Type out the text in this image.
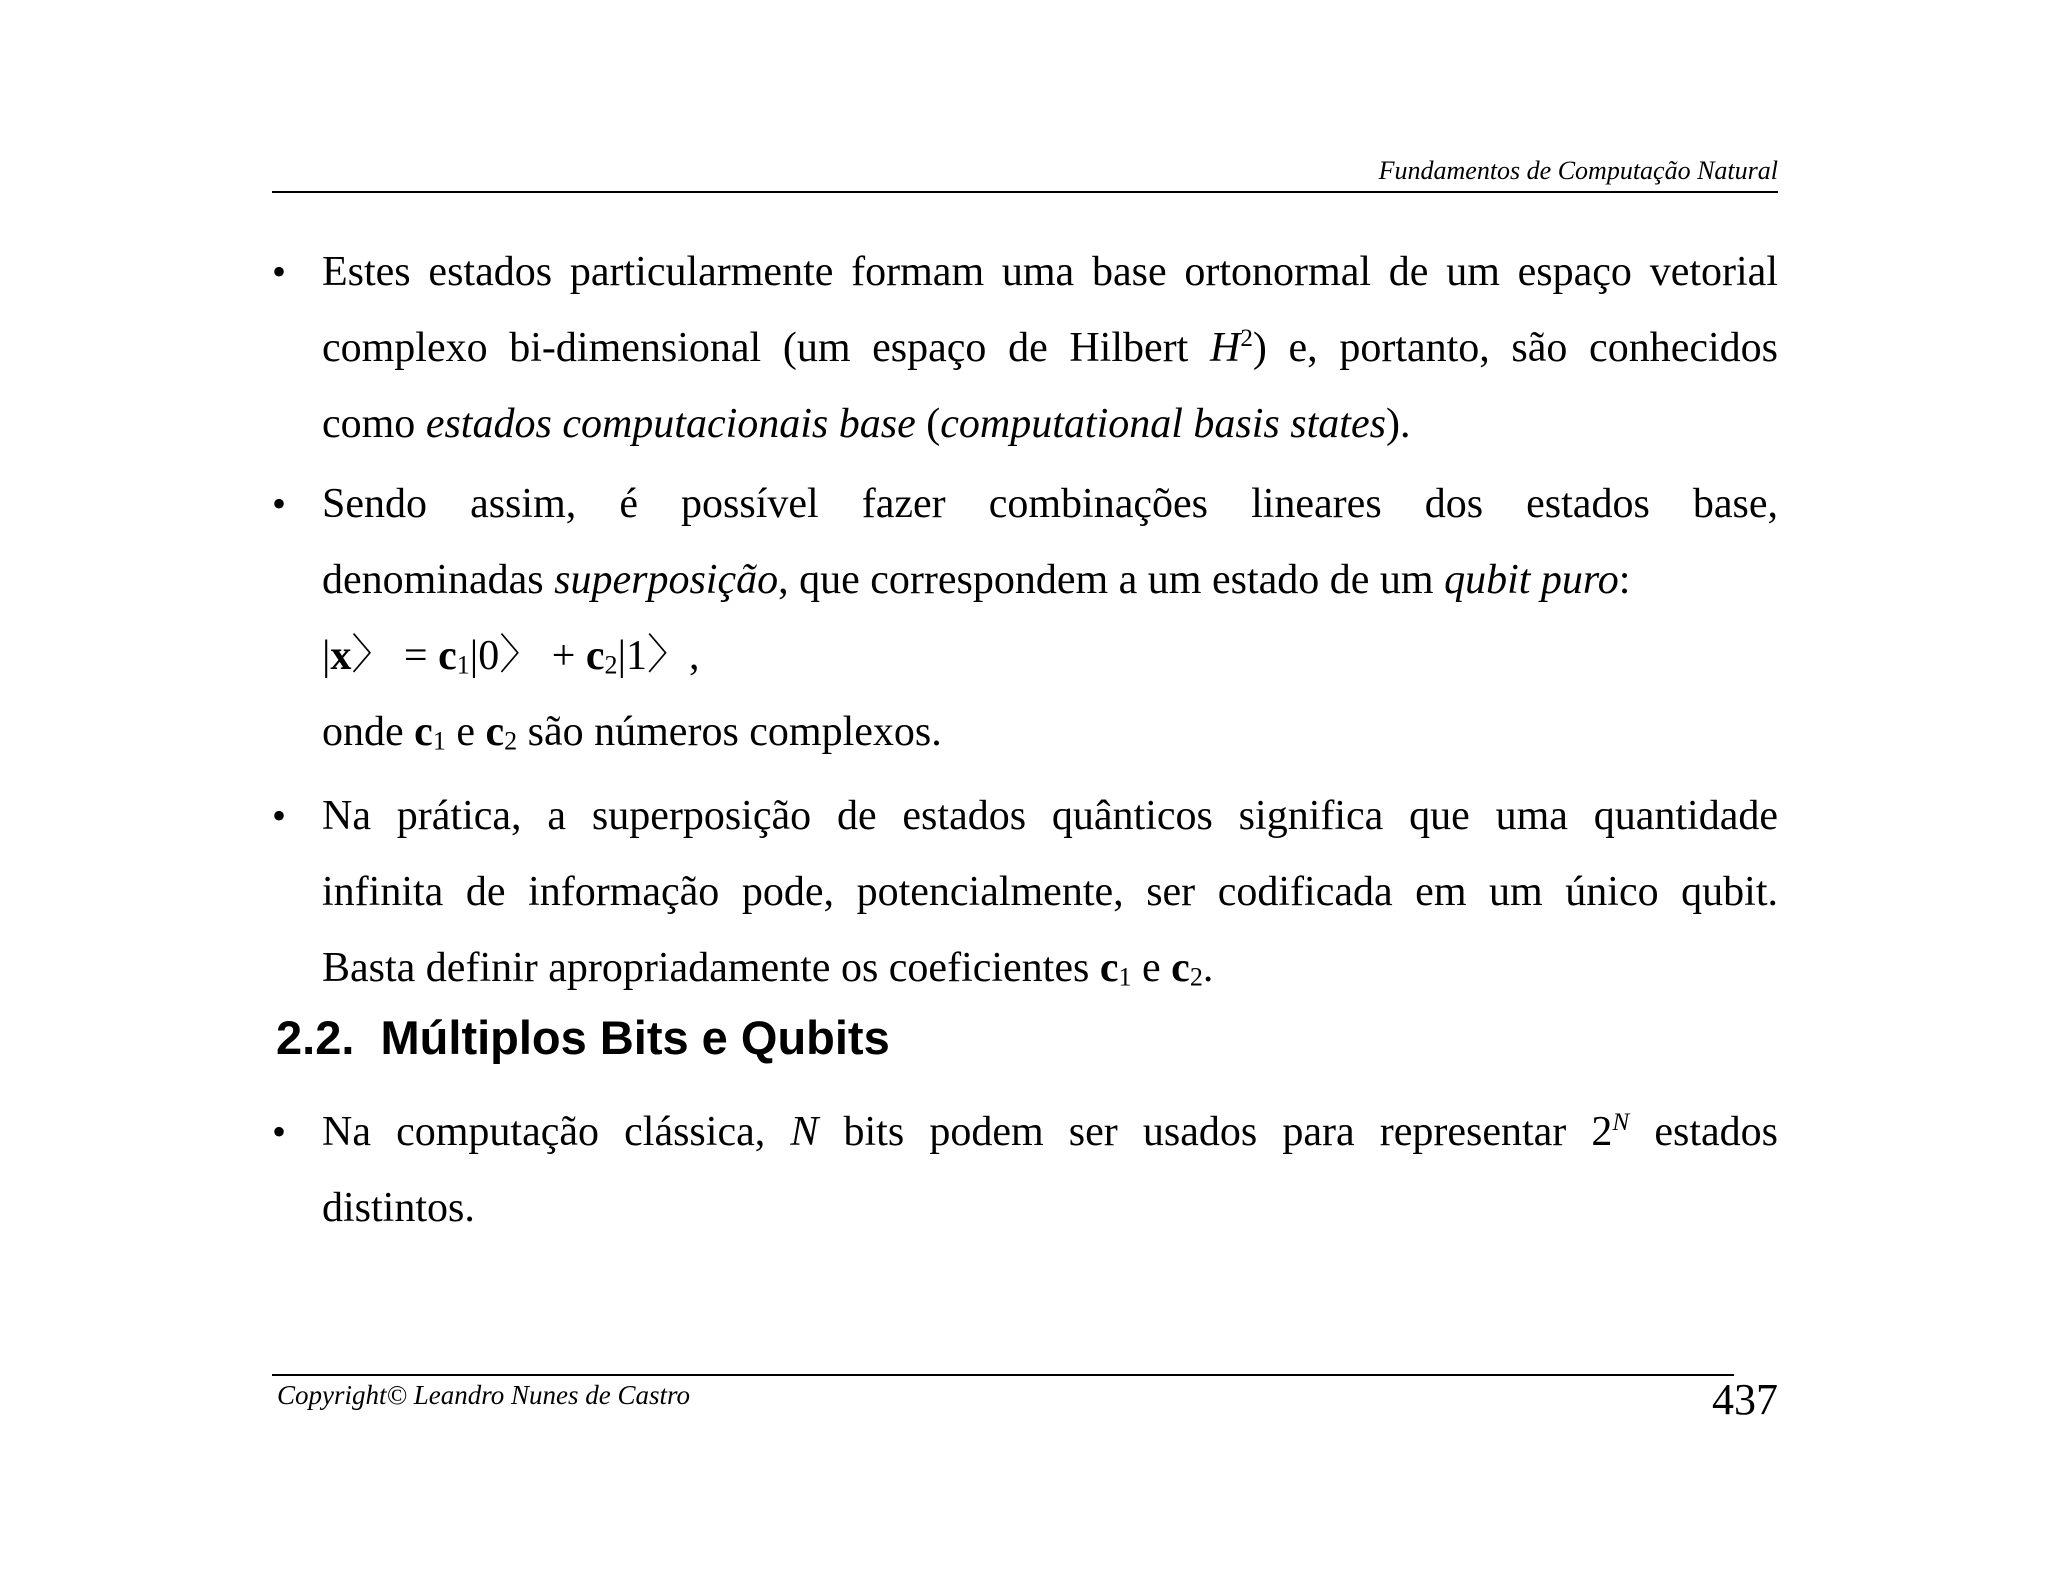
Fundamentos de Computação Natural
• Estes estados particularmente formam uma base ortonormal de um espaço vetorial
complexo bi-dimensional (um espaço de Hilbert $H^2$) e, portanto, são conhecidos
como estados computacionais base (computational basis states).
• Sendo assim, é possível fazer combinações lineares dos estados base,
denominadas superposição, que correspondem a um estado de um qubit puro:
|x〉 = $c_1|0$〉 + $c_2|1$〉,
onde $c_1$ e $c_2$ são números complexos.
• Na prática, a superposição de estados quânticos significa que uma quantidade
infinita de informação pode, potencialmente, ser codificada em um único qubit.
Basta definir apropriadamente os coeficientes $c_1$ e $c_2$.
2.2. Múltiplos Bits e Qubits
• Na computação clássica, N bits podem ser usados para representar $2^N$ estados
distintos.
Copyright© Leandro Nunes de Castro	437
